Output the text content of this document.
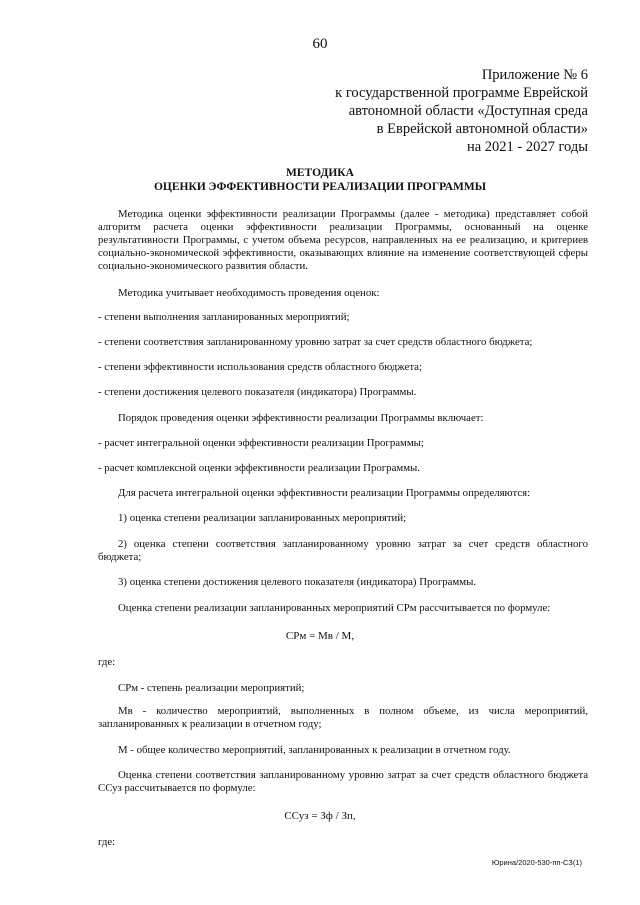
60
Приложение № 6
к государственной программе Еврейской
автономной области «Доступная среда
в Еврейской автономной области»
на 2021 - 2027 годы
МЕТОДИКА
ОЦЕНКИ ЭФФЕКТИВНОСТИ РЕАЛИЗАЦИИ ПРОГРАММЫ
Методика оценки эффективности реализации Программы (далее - методика) представляет собой алгоритм расчета оценки эффективности реализации Программы, основанный на оценке результативности Программы, с учетом объема ресурсов, направленных на ее реализацию, и критериев социально-экономической эффективности, оказывающих влияние на изменение соответствующей сферы социально-экономического развития области.
Методика учитывает необходимость проведения оценок:
- степени выполнения запланированных мероприятий;
- степени соответствия запланированному уровню затрат за счет средств областного бюджета;
- степени эффективности использования средств областного бюджета;
- степени достижения целевого показателя (индикатора) Программы.
Порядок проведения оценки эффективности реализации Программы включает:
- расчет интегральной оценки эффективности реализации Программы;
- расчет комплексной оценки эффективности реализации Программы.
Для расчета интегральной оценки эффективности реализации Программы определяются:
1) оценка степени реализации запланированных мероприятий;
2) оценка степени соответствия запланированному уровню затрат за счет средств областного бюджета;
3) оценка степени достижения целевого показателя (индикатора) Программы.
Оценка степени реализации запланированных мероприятий СРм рассчитывается по формуле:
СРм = Мв / М,
где:
СРм - степень реализации мероприятий;
Мв - количество мероприятий, выполненных в полном объеме, из числа мероприятий, запланированных к реализации в отчетном году;
М - общее количество мероприятий, запланированных к реализации в отчетном году.
Оценка степени соответствия запланированному уровню затрат за счет средств областного бюджета ССуз рассчитывается по формуле:
ССуз = Зф / Зп,
где:
Юрина/2020-530-пп-СЗ(1)
